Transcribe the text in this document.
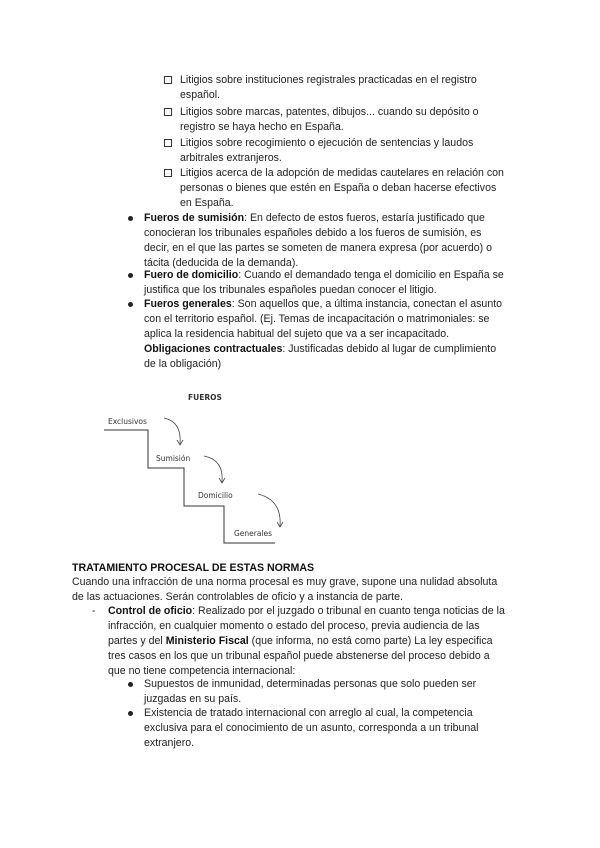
Litigios sobre instituciones registrales practicadas en el registro
español.
Litigios sobre marcas, patentes, dibujos... cuando su depósito o
registro se haya hecho en España.
Litigios sobre recogimiento o ejecución de sentencias y laudos
arbitrales extranjeros.
Litigios acerca de la adopción de medidas cautelares en relación con
personas o bienes que estén en España o deban hacerse efectivos
en España.
Fueros de sumisión: En defecto de estos fueros, estaría justificado que
conocieran los tribunales españoles debido a los fueros de sumisión, es
decir, en el que las partes se someten de manera expresa (por acuerdo) o
tácita (deducida de la demanda).
Fuero de domicilio: Cuando el demandado tenga el domicilio en España se
justifica que los tribunales españoles puedan conocer el litigio.
Fueros generales: Son aquellos que, a última instancia, conectan el asunto
con el territorio español. (Ej. Temas de incapacitación o matrimoniales: se
aplica la residencia habitual del sujeto que va a ser incapacitado.
Obligaciones contractuales: Justificadas debido al lugar de cumplimiento
de la obligación)
FUEROS
Exclusivos
Sumisión
Domicilio
Generales
TRATAMIENTO PROCESAL DE ESTAS NORMAS
Cuando una infracción de una norma procesal es muy grave, supone una nulidad absoluta
de las actuaciones. Serán controlables de oficio y a instancia de parte.
- Control de oficio: Realizado por el juzgado o tribunal en cuanto tenga noticias de la
infracción, en cualquier momento o estado del proceso, previa audiencia de las
partes y del Ministerio Fiscal (que informa, no está como parte) La ley especifica
tres casos en los que un tribunal español puede abstenerse del proceso debido a
que no tiene competencia internacional:
Supuestos de inmunidad, determinadas personas que solo pueden ser
juzgadas en su país.
Existencia de tratado internacional con arreglo al cual, la competencia
exclusiva para el conocimiento de un asunto, corresponda a un tribunal
extranjero.
